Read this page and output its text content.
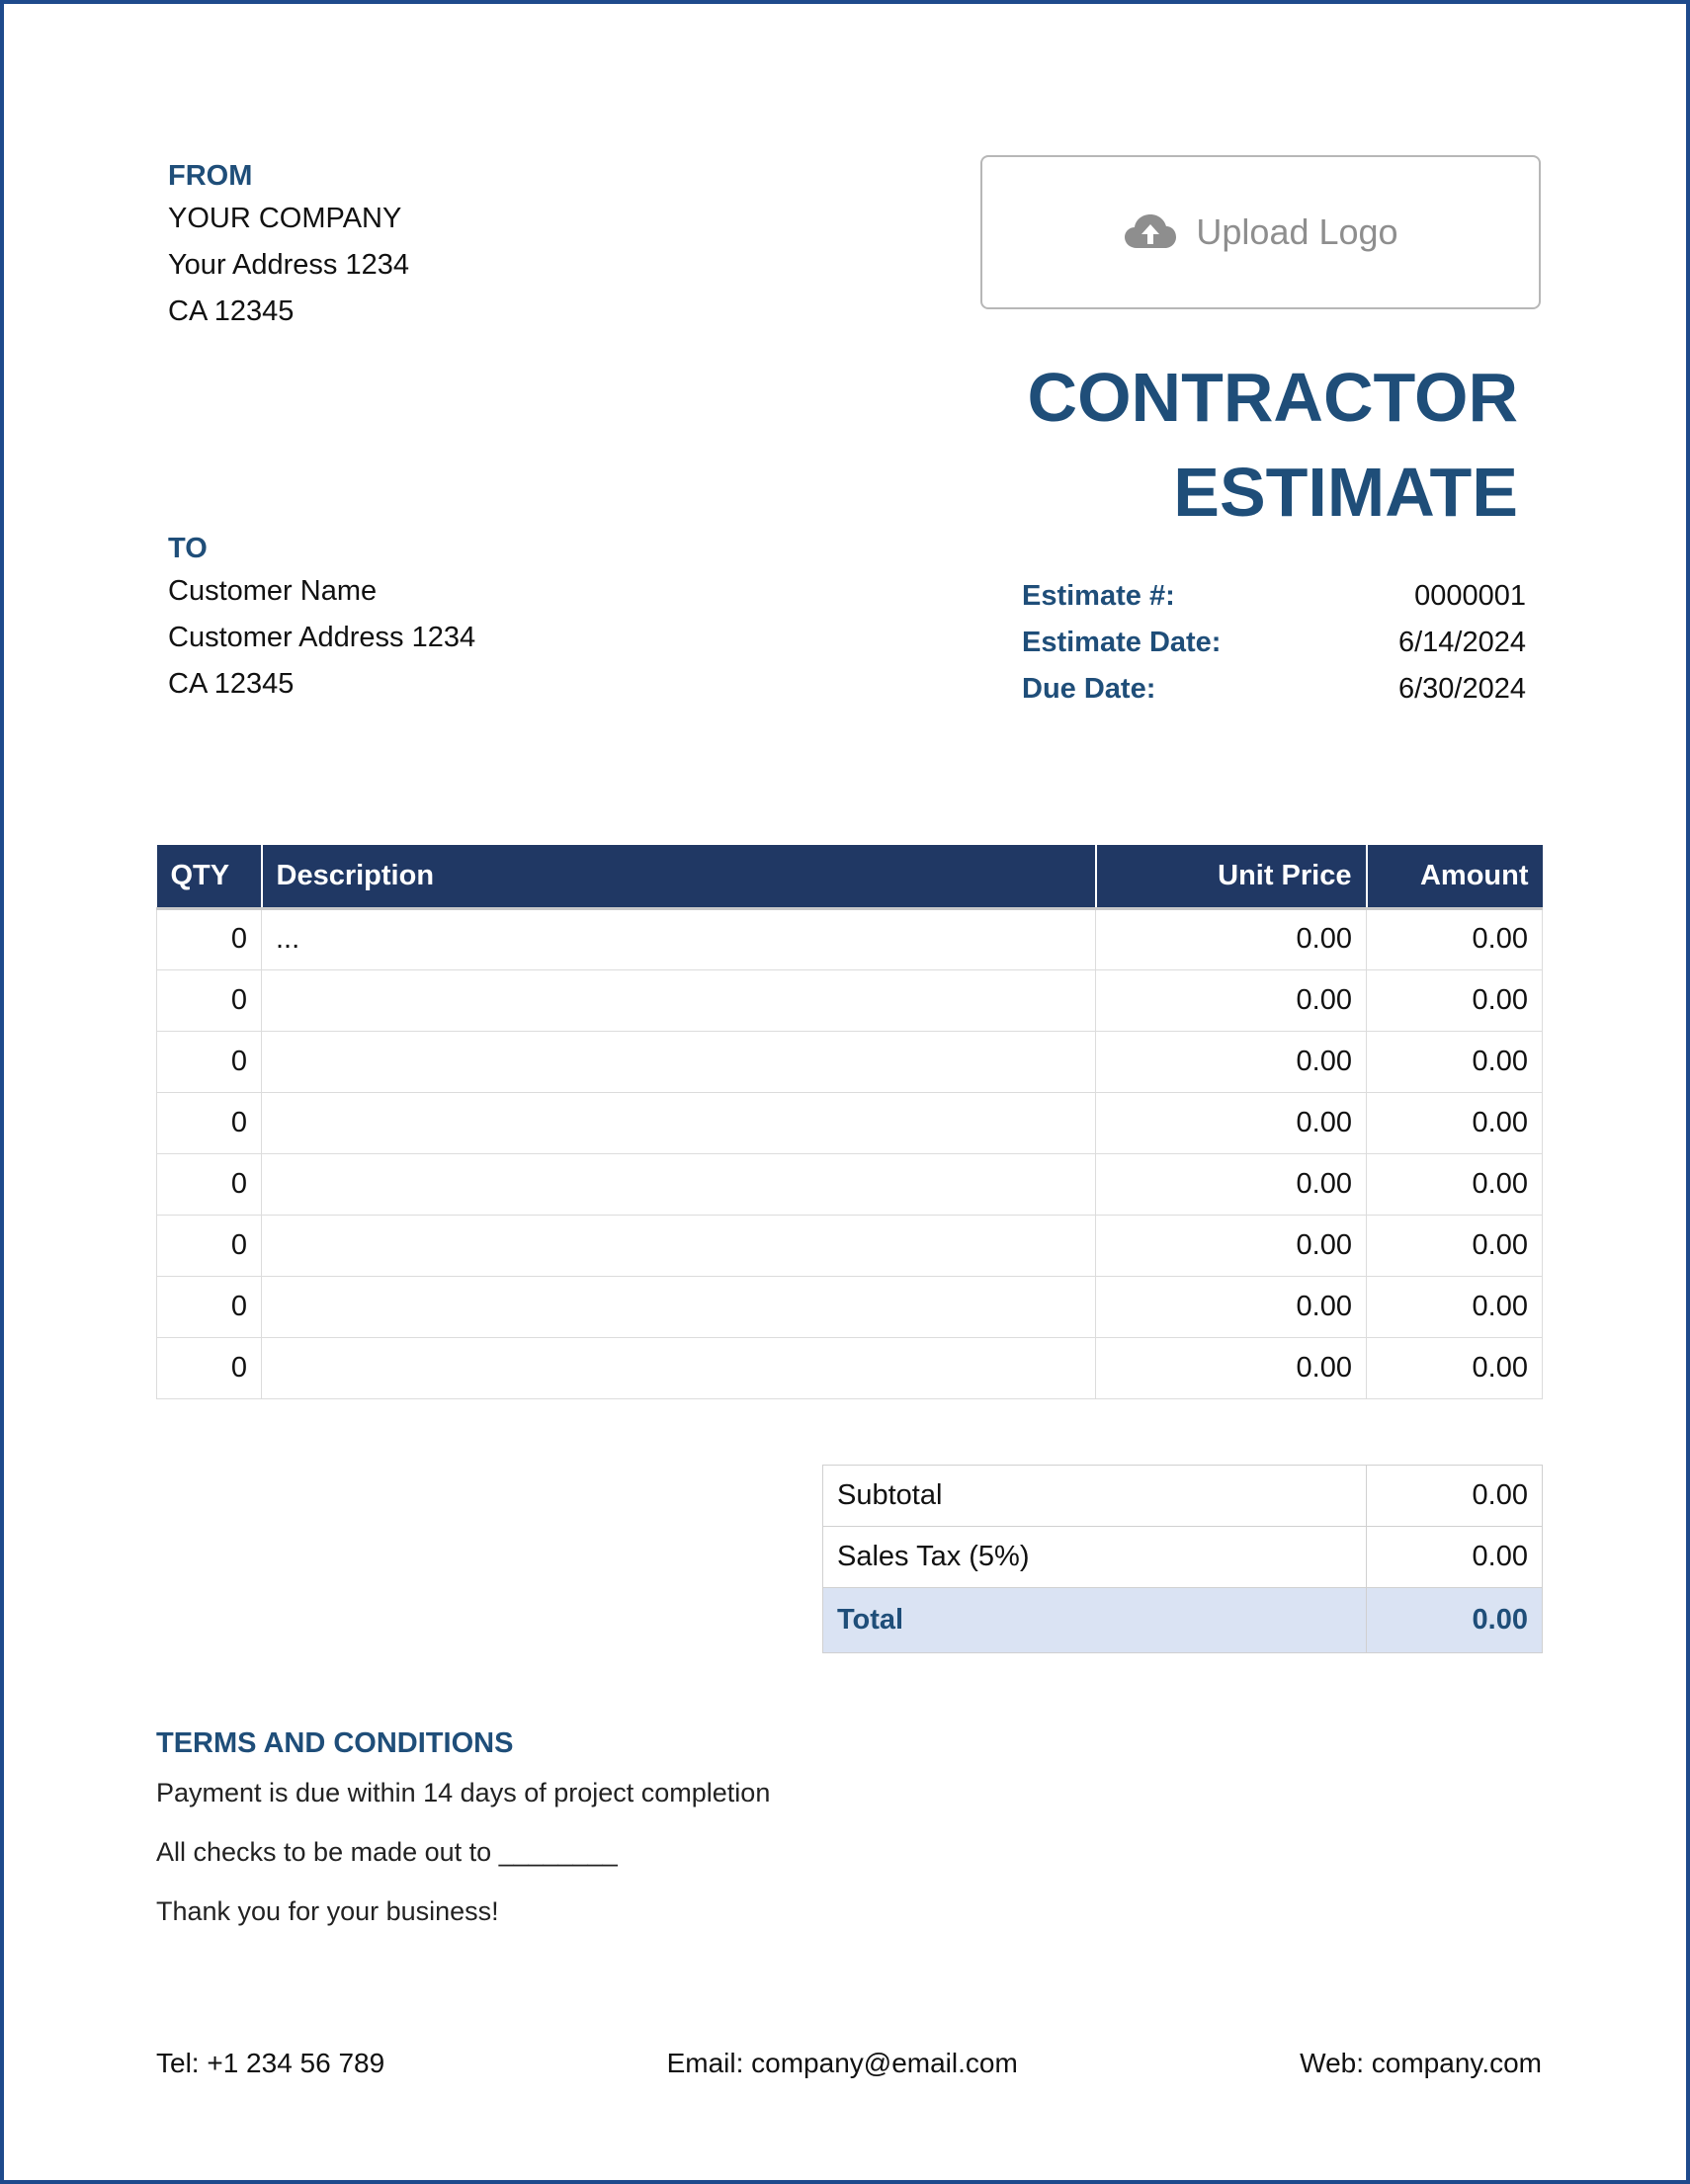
FROM
YOUR COMPANY
Your Address 1234
CA 12345
Upload Logo
CONTRACTOR
ESTIMATE
TO
Customer Name
Customer Address 1234
CA 12345
Estimate #:	0000001
Estimate Date:	6/14/2024
Due Date:	6/30/2024
QTY	Description	Unit Price	Amount
0	...	0.00	0.00
0		0.00	0.00
0		0.00	0.00
0		0.00	0.00
0		0.00	0.00
0		0.00	0.00
0		0.00	0.00
0		0.00	0.00
Subtotal	0.00
Sales Tax (5%)	0.00
Total	0.00
TERMS AND CONDITIONS
Payment is due within 14 days of project completion
All checks to be made out to ________
Thank you for your business!
Tel: +1 234 56 789	Email: company@email.com	Web: company.com
